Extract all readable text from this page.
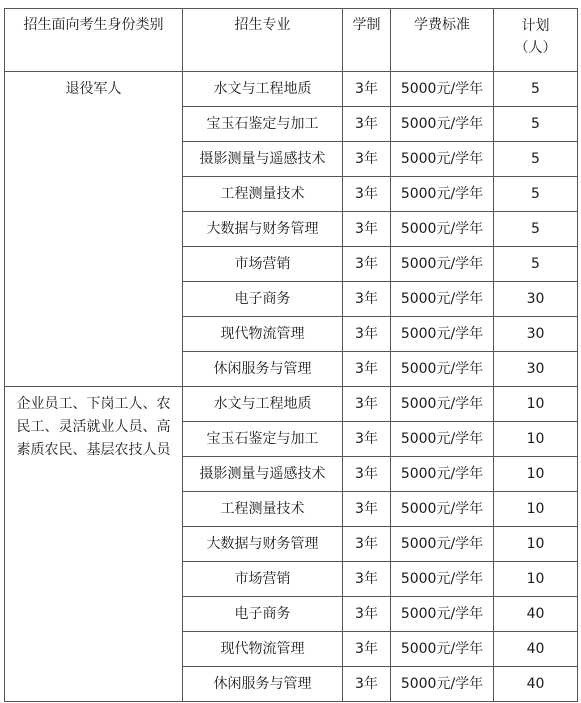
招生面向考生身份类别	招生专业	学制	学费标准	计划
（人）

退役军人	水文与工程地质	3年	5000元/学年	5
	宝玉石鉴定与加工	3年	5000元/学年	5
	摄影测量与遥感技术	3年	5000元/学年	5
	工程测量技术	3年	5000元/学年	5
	大数据与财务管理	3年	5000元/学年	5
	市场营销	3年	5000元/学年	5
	电子商务	3年	5000元/学年	30
	现代物流管理	3年	5000元/学年	30
	休闲服务与管理	3年	5000元/学年	30
企业员工、下岗工人、农民工、灵活就业人员、高素质农民、基层农技人员	水文与工程地质	3年	5000元/学年	10
	宝玉石鉴定与加工	3年	5000元/学年	10
	摄影测量与遥感技术	3年	5000元/学年	10
	工程测量技术	3年	5000元/学年	10
	大数据与财务管理	3年	5000元/学年	10
	市场营销	3年	5000元/学年	10
	电子商务	3年	5000元/学年	40
	现代物流管理	3年	5000元/学年	40
	休闲服务与管理	3年	5000元/学年	40
